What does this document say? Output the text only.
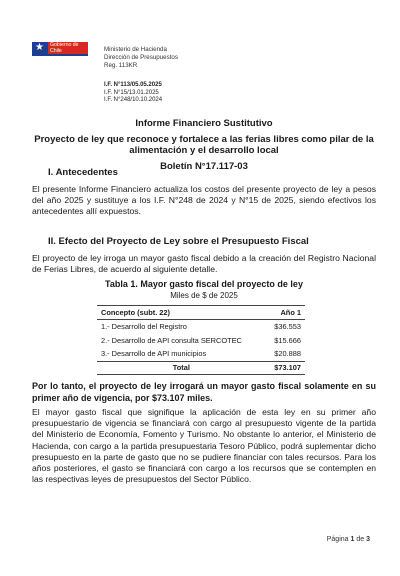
★ Gobierno de
Chile	Ministerio de Hacienda
Dirección de Presupuestos
Reg. 113KR
I.F. N°113/05.05.2025
I.F. N°15/13.01.2025
I.F. N°248/10.10.2024
Informe Financiero Sustitutivo
Proyecto de ley que reconoce y fortalece a las ferias libres como pilar de la alimentación y el desarrollo local
Boletín N°17.117-03
I. Antecedentes
El presente Informe Financiero actualiza los costos del presente proyecto de ley a pesos del año 2025 y sustituye a los I.F. N°248 de 2024 y N°15 de 2025, siendo efectivos los antecedentes allí expuestos.
II. Efecto del Proyecto de Ley sobre el Presupuesto Fiscal
El proyecto de ley irroga un mayor gasto fiscal debido a la creación del Registro Nacional de Ferias Libres, de acuerdo al siguiente detalle.
Tabla 1. Mayor gasto fiscal del proyecto de ley
Miles de $ de 2025
Concepto (subt. 22)	Año 1
1.- Desarrollo del Registro	$36.553
2.- Desarrollo de API consulta SERCOTEC	$15.666
3.- Desarrollo de API municipios	$20.888
Total	$73.107
Por lo tanto, el proyecto de ley irrogará un mayor gasto fiscal solamente en su primer año de vigencia, por $73.107 miles.
El mayor gasto fiscal que signifique la aplicación de esta ley en su primer año presupuestario de vigencia se financiará con cargo al presupuesto vigente de la partida del Ministerio de Economía, Fomento y Turismo. No obstante lo anterior, el Ministerio de Hacienda, con cargo a la partida presupuestaria Tesoro Público, podrá suplementar dicho presupuesto en la parte de gasto que no se pudiere financiar con tales recursos. Para los años posteriores, el gasto se financiará con cargo a los recursos que se contemplen en las respectivas leyes de presupuestos del Sector Público.
Página 1 de 3
